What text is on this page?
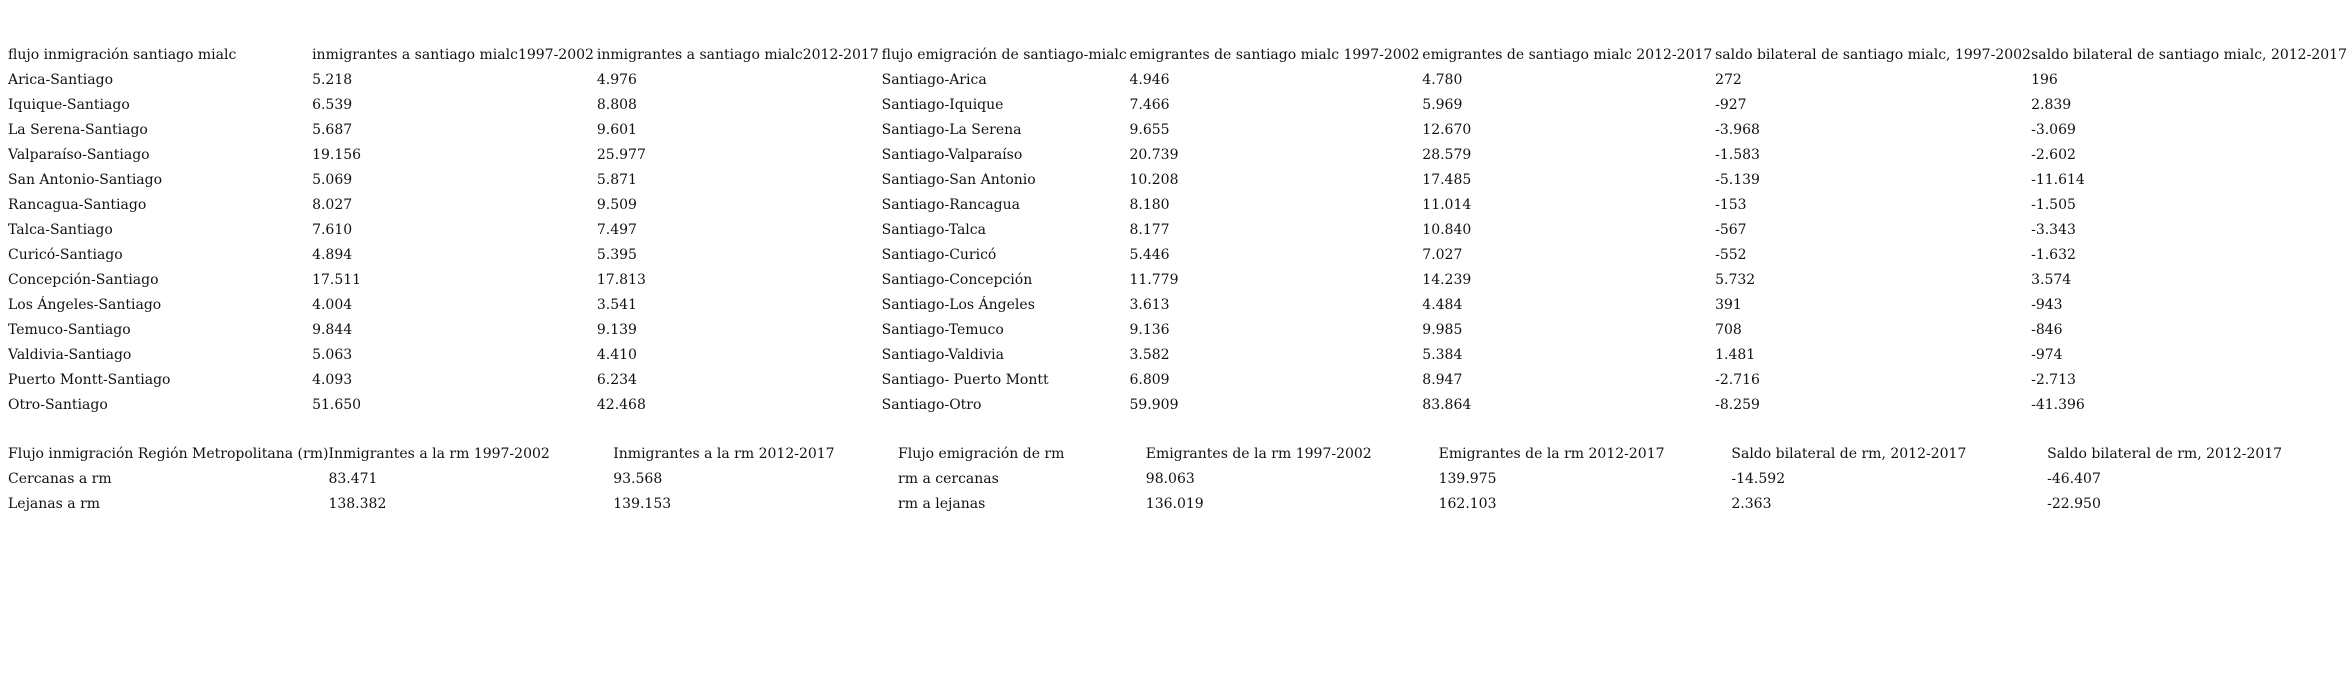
flujo inmigración santiago mialc	inmigrantes a santiago mialc1997-2002	inmigrantes a santiago mialc2012-2017	flujo emigración de santiago-mialc	emigrantes de santiago mialc 1997-2002	emigrantes de santiago mialc 2012-2017	saldo bilateral de santiago mialc, 1997-2002	saldo bilateral de santiago mialc, 2012-2017
Arica-Santiago	5.218	4.976	Santiago-Arica	4.946	4.780	272	196
Iquique-Santiago	6.539	8.808	Santiago-Iquique	7.466	5.969	-927	2.839
La Serena-Santiago	5.687	9.601	Santiago-La Serena	9.655	12.670	-3.968	-3.069
Valparaíso-Santiago	19.156	25.977	Santiago-Valparaíso	20.739	28.579	-1.583	-2.602
San Antonio-Santiago	5.069	5.871	Santiago-San Antonio	10.208	17.485	-5.139	-11.614
Rancagua-Santiago	8.027	9.509	Santiago-Rancagua	8.180	11.014	-153	-1.505
Talca-Santiago	7.610	7.497	Santiago-Talca	8.177	10.840	-567	-3.343
Curicó-Santiago	4.894	5.395	Santiago-Curicó	5.446	7.027	-552	-1.632
Concepción-Santiago	17.511	17.813	Santiago-Concepción	11.779	14.239	5.732	3.574
Los Ángeles-Santiago	4.004	3.541	Santiago-Los Ángeles	3.613	4.484	391	-943
Temuco-Santiago	9.844	9.139	Santiago-Temuco	9.136	9.985	708	-846
Valdivia-Santiago	5.063	4.410	Santiago-Valdivia	3.582	5.384	1.481	-974
Puerto Montt-Santiago	4.093	6.234	Santiago- Puerto Montt	6.809	8.947	-2.716	-2.713
Otro-Santiago	51.650	42.468	Santiago-Otro	59.909	83.864	-8.259	-41.396
Flujo inmigración Región Metropolitana (rm)	Inmigrantes a la rm 1997-2002	Inmigrantes a la rm 2012-2017	Flujo emigración de rm	Emigrantes de la rm 1997-2002	Emigrantes de la rm 2012-2017	Saldo bilateral de rm, 2012-2017	Saldo bilateral de rm, 2012-2017
Cercanas a rm	83.471	93.568	rm a cercanas	98.063	139.975	-14.592	-46.407
Lejanas a rm	138.382	139.153	rm a lejanas	136.019	162.103	2.363	-22.950
